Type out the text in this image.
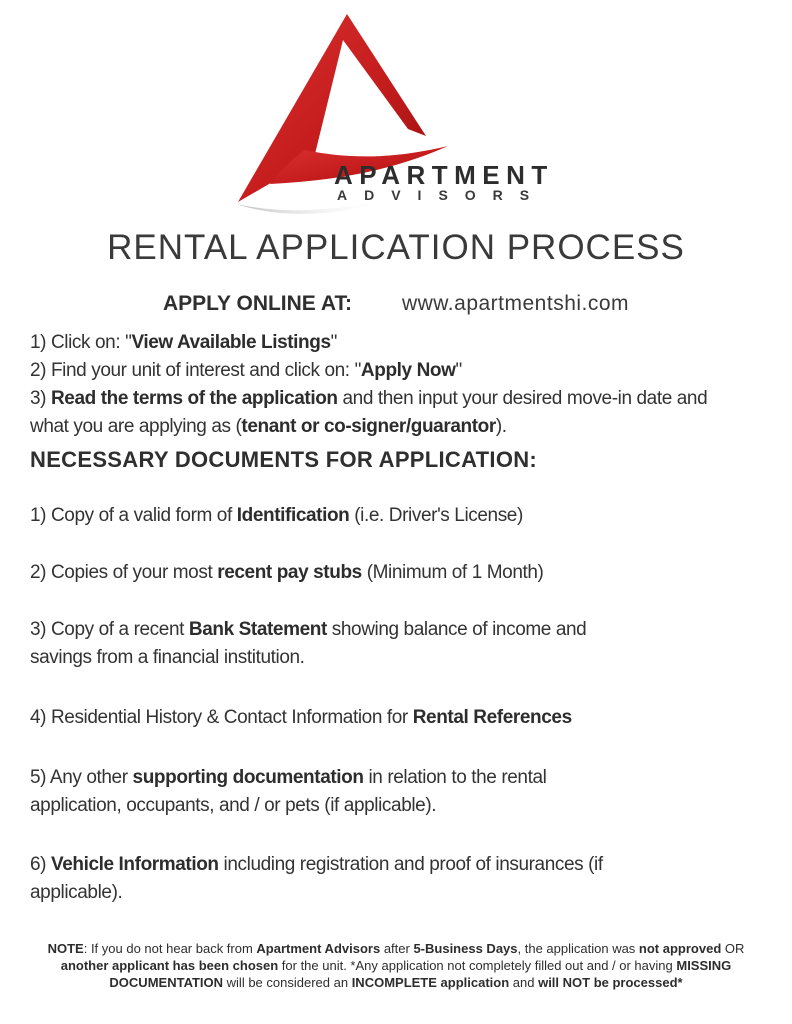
APARTMENT
ADVISORS
RENTAL APPLICATION PROCESS
APPLY ONLINE AT: www.apartmentshi.com
1) Click on: "View Available Listings"
2) Find your unit of interest and click on: "Apply Now"
3) Read the terms of the application and then input your desired move-in date and
what you are applying as (tenant or co-signer/guarantor).
NECESSARY DOCUMENTS FOR APPLICATION:
1) Copy of a valid form of Identification (i.e. Driver's License)
2) Copies of your most recent pay stubs (Minimum of 1 Month)
3) Copy of a recent Bank Statement showing balance of income and
savings from a financial institution.
4) Residential History & Contact Information for Rental References
5) Any other supporting documentation in relation to the rental
application, occupants, and / or pets (if applicable).
6) Vehicle Information including registration and proof of insurances (if
applicable).
NOTE: If you do not hear back from Apartment Advisors after 5-Business Days, the application was not approved OR
another applicant has been chosen for the unit. *Any application not completely filled out and / or having MISSING
DOCUMENTATION will be considered an INCOMPLETE application and will NOT be processed*
